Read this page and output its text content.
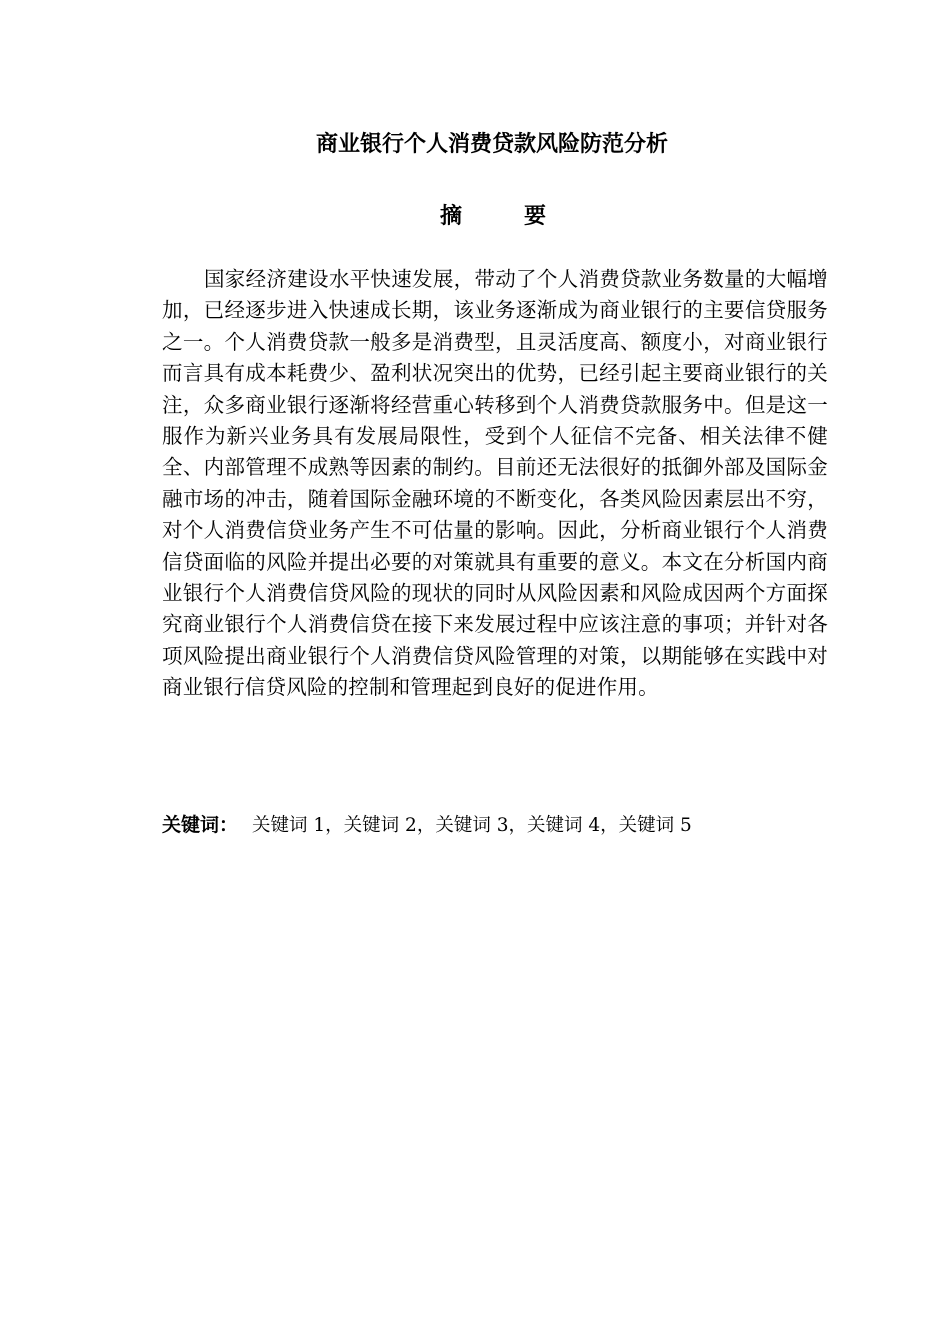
商业银行个人消费贷款风险防范分析
摘	要

国家经济建设水平快速发展，带动了个人消费贷款业务数量的大幅增加，已经逐步进入快速成长期，该业务逐渐成为商业银行的主要信贷服务之一。个人消费贷款一般多是消费型，且灵活度高、额度小，对商业银行而言具有成本耗费少、盈利状况突出的优势，已经引起主要商业银行的关注，众多商业银行逐渐将经营重心转移到个人消费贷款服务中。但是这一服作为新兴业务具有发展局限性，受到个人征信不完备、相关法律不健全、内部管理不成熟等因素的制约。目前还无法很好的抵御外部及国际金融市场的冲击，随着国际金融环境的不断变化，各类风险因素层出不穷，对个人消费信贷业务产生不可估量的影响。因此，分析商业银行个人消费信贷面临的风险并提出必要的对策就具有重要的意义。本文在分析国内商业银行个人消费信贷风险的现状的同时从风险因素和风险成因两个方面探究商业银行个人消费信贷在接下来发展过程中应该注意的事项；并针对各项风险提出商业银行个人消费信贷风险管理的对策，以期能够在实践中对商业银行信贷风险的控制和管理起到良好的促进作用。

关键词： 关键词 1，关键词 2，关键词 3，关键词 4，关键词 5
